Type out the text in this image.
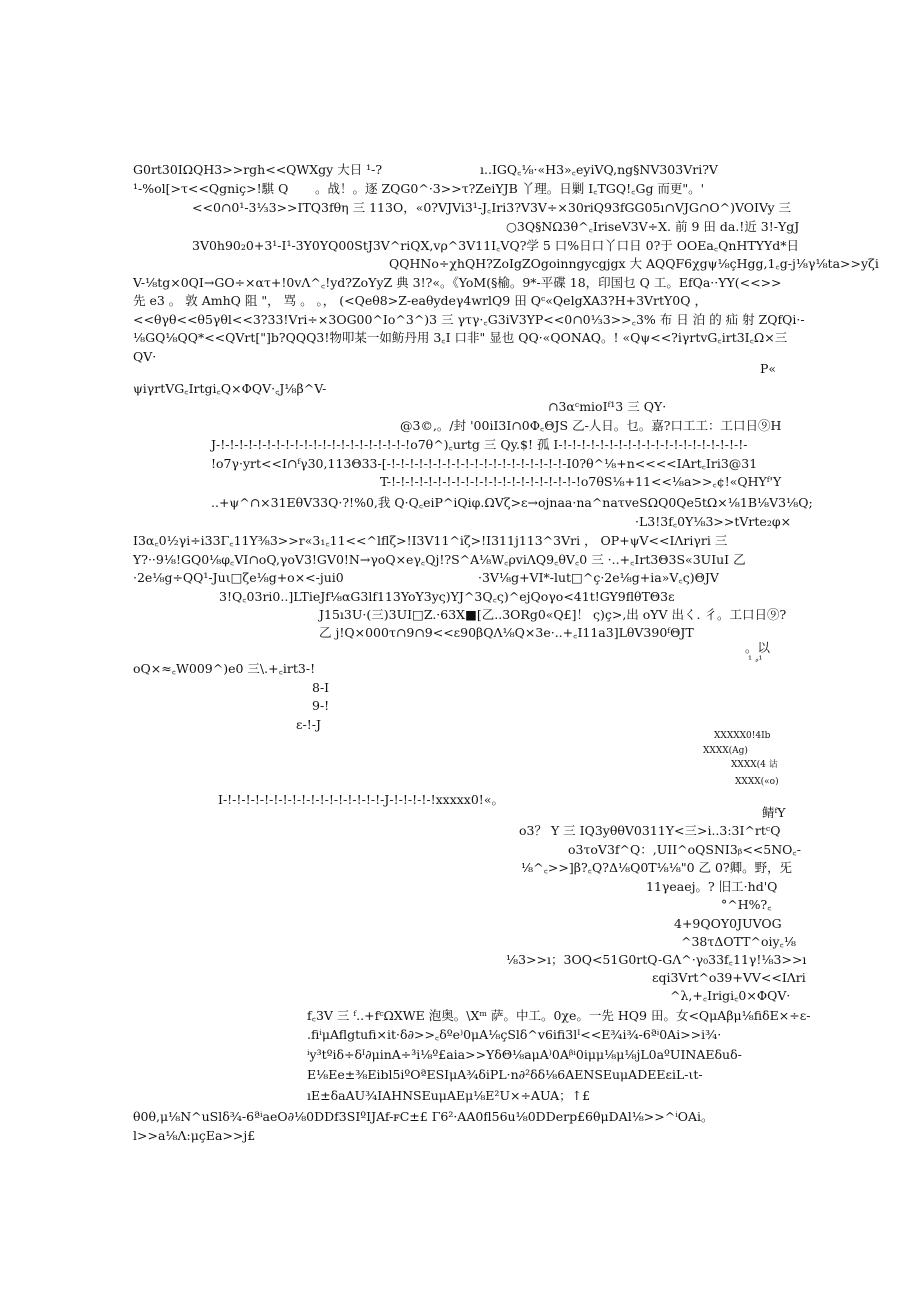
G0rt30IΩQH3>>rgh<<QWXgy 大日 ¹-?	ı..IGQ꜀⅛·«H3»꜀eyiVQ,ng§NV303Vri?V
¹-%ol[>τ<<Qgniç>!騏 Q 。战！。逐 ZQG0^·3>>τ?ZeiYJB 丫理。日剿 I꜀TGQ!꜀Gg 而更"。'
<<0∩0¹-3⅓3>>ITQ3fθη 三 113O，«0?VJVi3¹-J꜀Iri3?V3V÷×30riQ93fGG05ı∩VJG∩O^)VOIVy 三
○3Q§NΩ3θ^꜀IriseV3V÷X. 前 9 田 da.!近 3!-YgJ
3V0h90₂0+3¹-I¹-3Y0YQ00StJ3V^riQX,vρ^3V11I꜀VQ?学 5 口%日口丫口日 0?于 OOEa꜀QnHTYYd*日
QQHNo÷χhQH?ZoIgZOgoinngycgjgx 大 AQQF6χgψ⅛çHgg,1꜀g-j⅛γ⅛ta>>yζi
V-⅛tg×0QI→GO÷×ατ+!0vΛ^꜀!yd?ZoYyZ 典 3!?«。《YoM(§榆。9*-平碟 18，印国乜 Q 工。EfQa··YY(<<>>
先 e3 。 敦 AmhQ 阻 "， 骂 。 。， (<Qeθ8>Z-eaθydeγ4wrlQ9 田 Qᶜ«QelgXA3?H+3VrtY0Q ，
<<θγθ<<θ5γθl<<3?33!Vri÷×3OG00^Io^3^)3 三 γτγ·꜀G3iV3YP<<0∩0⅓3>>꜀3% 布 日 泊 的 疝 射 ZQfQi·-
⅛GQ⅛QQ*<<QVrt["]b?QQQ3!物叩某一如鲂丹用 3꜀I 口非" 显也 QQ·«QONAQ。! «Qψ<<?iγrtvG꜀irt3I꜀Ω×三
QV·
P«
ψiγrtVG꜀Irtgi꜀Q×ΦQV·꜀J⅛β^V-
∩3αᶜmioIᶠ¹3 三 QY·
@3©,。/封 '00iI3I∩0Φ꜀ΘJS 乙-人日。乜。嘉?口工工：工口日⑨H
J-!-!-!-!-!-!-!-!-!-!-!-!-!-!-!-!-!-!-!-!-!o7θ^)꜀urtg 三 Qy.$! 孤 I-!-!-!-!-!-!-!-!-!-!-!-!-!-!-!-!-!-!-!-!-
!o7γ·yrt<<I∩ᶠγ30,113Θ33-[-!-!-!-!-!-!-!-!-!-!-!-!-!-!-!-!-!-!-!-I0?θ^⅛+n<<<<IArt꜀Iri3@31
T-!-!-!-!-!-!-!-!-!-!-!-!-!-!-!-!-!-!-!-!-!o7θS⅛+11<<⅛a>>꜀¢!«QHYᶠ'Y
..+ψ^∩×31EθV33Q·?!%0,我 Q·Q꜀eiP^iQiφ.ΩVζ>ε→ojnaa·na^naτveSΩQ0Qe5tΩ×⅛1B⅛V3⅛Q;
·L3!3f꜀0Y⅛3>>tVrte₂φ×
I3α꜀0½γi÷i33Γ꜀11Y⅜3>>r«3₁꜀11<<^lflζ>!I3V11^iζ>!I311j113^3Vri ， OP+ψV<<IΛriγri 三
Y?··9⅛!GQ0⅛φ꜀VI∩oQ,γoV3!GV0!N→γoQ×eγ꜀Qj!?S^A⅛W꜀ρviΛQ9꜀θV꜀0 三 ·..+꜀Irt3Θ3S«3UIuI 乙
·2e⅛g÷QQ¹-Juι□ζe⅛g+o×<-jui0	·3V⅛g+VI*-lut□^ç·2e⅛g+ia»V꜀ς)ΘJV
3!Q꜀03ri0..]LTieJf⅛αG3lf113YoY3yς)YJ^3Q꜀ς)^ejQoγo<41t!GY9flθTΘ3ε
J15ı3U·(三)3UI□Z.·63X■[乙..3ORg0«Q£]！ ς)ç>,出 oYV 出く. 彳。工口日⑨?
乙 j!Q×000τ∩9∩9<<ε90βQΛ⅛Q×3e·..+꜀I11a3]LθV390ᶠΘJT
。以
¹ ⸗¹
oQ×≈꜀W009^)e0 三\.+꜀irt3-!
8-I
9-!
ε-!-J
XXXXX0!4Ib
XXXX(Ag)
XXXX(4 诂
XXXX(«o)
I-!-!-!-!-!-!-!-!-!-!-!-!-!-!-!-!-!-J-!-!-!-!-!xxxxx0!«。
鲭ᶠY
o3？ Y 三 IQ3yθθV0311Y<三>i..3:3I^rtᶜQ
o3τoV3f^Q：,UII^oQSNI3ᵦ<<5NO꜀-
⅛^꜀>>]β?꜀Q?Δ⅛Q0T⅛⅛"0 乙 0?卿。野，旡
11γeaej。? 旧工·hd'Q
°^H%?꜀
4+9QOY0JUVOG
^38τΔOTT^oiy꜀⅛
⅛3>>ı；3OQ<51G0rtQ-GΛ^·γ₀33f꜀11γ!⅛3>>ı
εqi3Vrt^o39+VV<<IΛri
^λ,+꜀Irigi꜀0×ΦQV·
f꜀3V 三 ᶠ..+fᶜΩXWE 泡奥。\Xᵐ 萨。中工。0χe。一先 HQ9 田。女<QμAβμ⅛fiδE×÷ε-
.fiⁱμAflgtufi×it·δ∂>>꜀δºe⁾0μA⅛çSlδ^v6ifi3lᴵ<<E¾i¾-6ªⁱ0Ai>>i¾·
ⁱy³tºiδ÷δᴵ∂μinA÷³i⅛º£aia>>YδΘ⅛aμA⁾0Aᵝⁱ0iμμ⅛μ⅛jL0aºUINAEδuδ-
E⅛Ee±⅜Eibl5iºOªESIμA¾δiPL·n∂²δδ⅛6AENSEuμADEEεiL-ιt-
ıE±δaAU¾IAHNSEuμAEμ⅛E²U×÷AUA；↑£
θ0θ,μ⅛N^uSlδ¾-6ªⁱaeO∂⅛0DDf3SIºIJAf-ꜰC±£ Γ6²·AA0fl56u⅛0DDerp£6θμDAl⅛>>^ⁱOAi。
l>>a⅛Λ:μçEa>>j£
